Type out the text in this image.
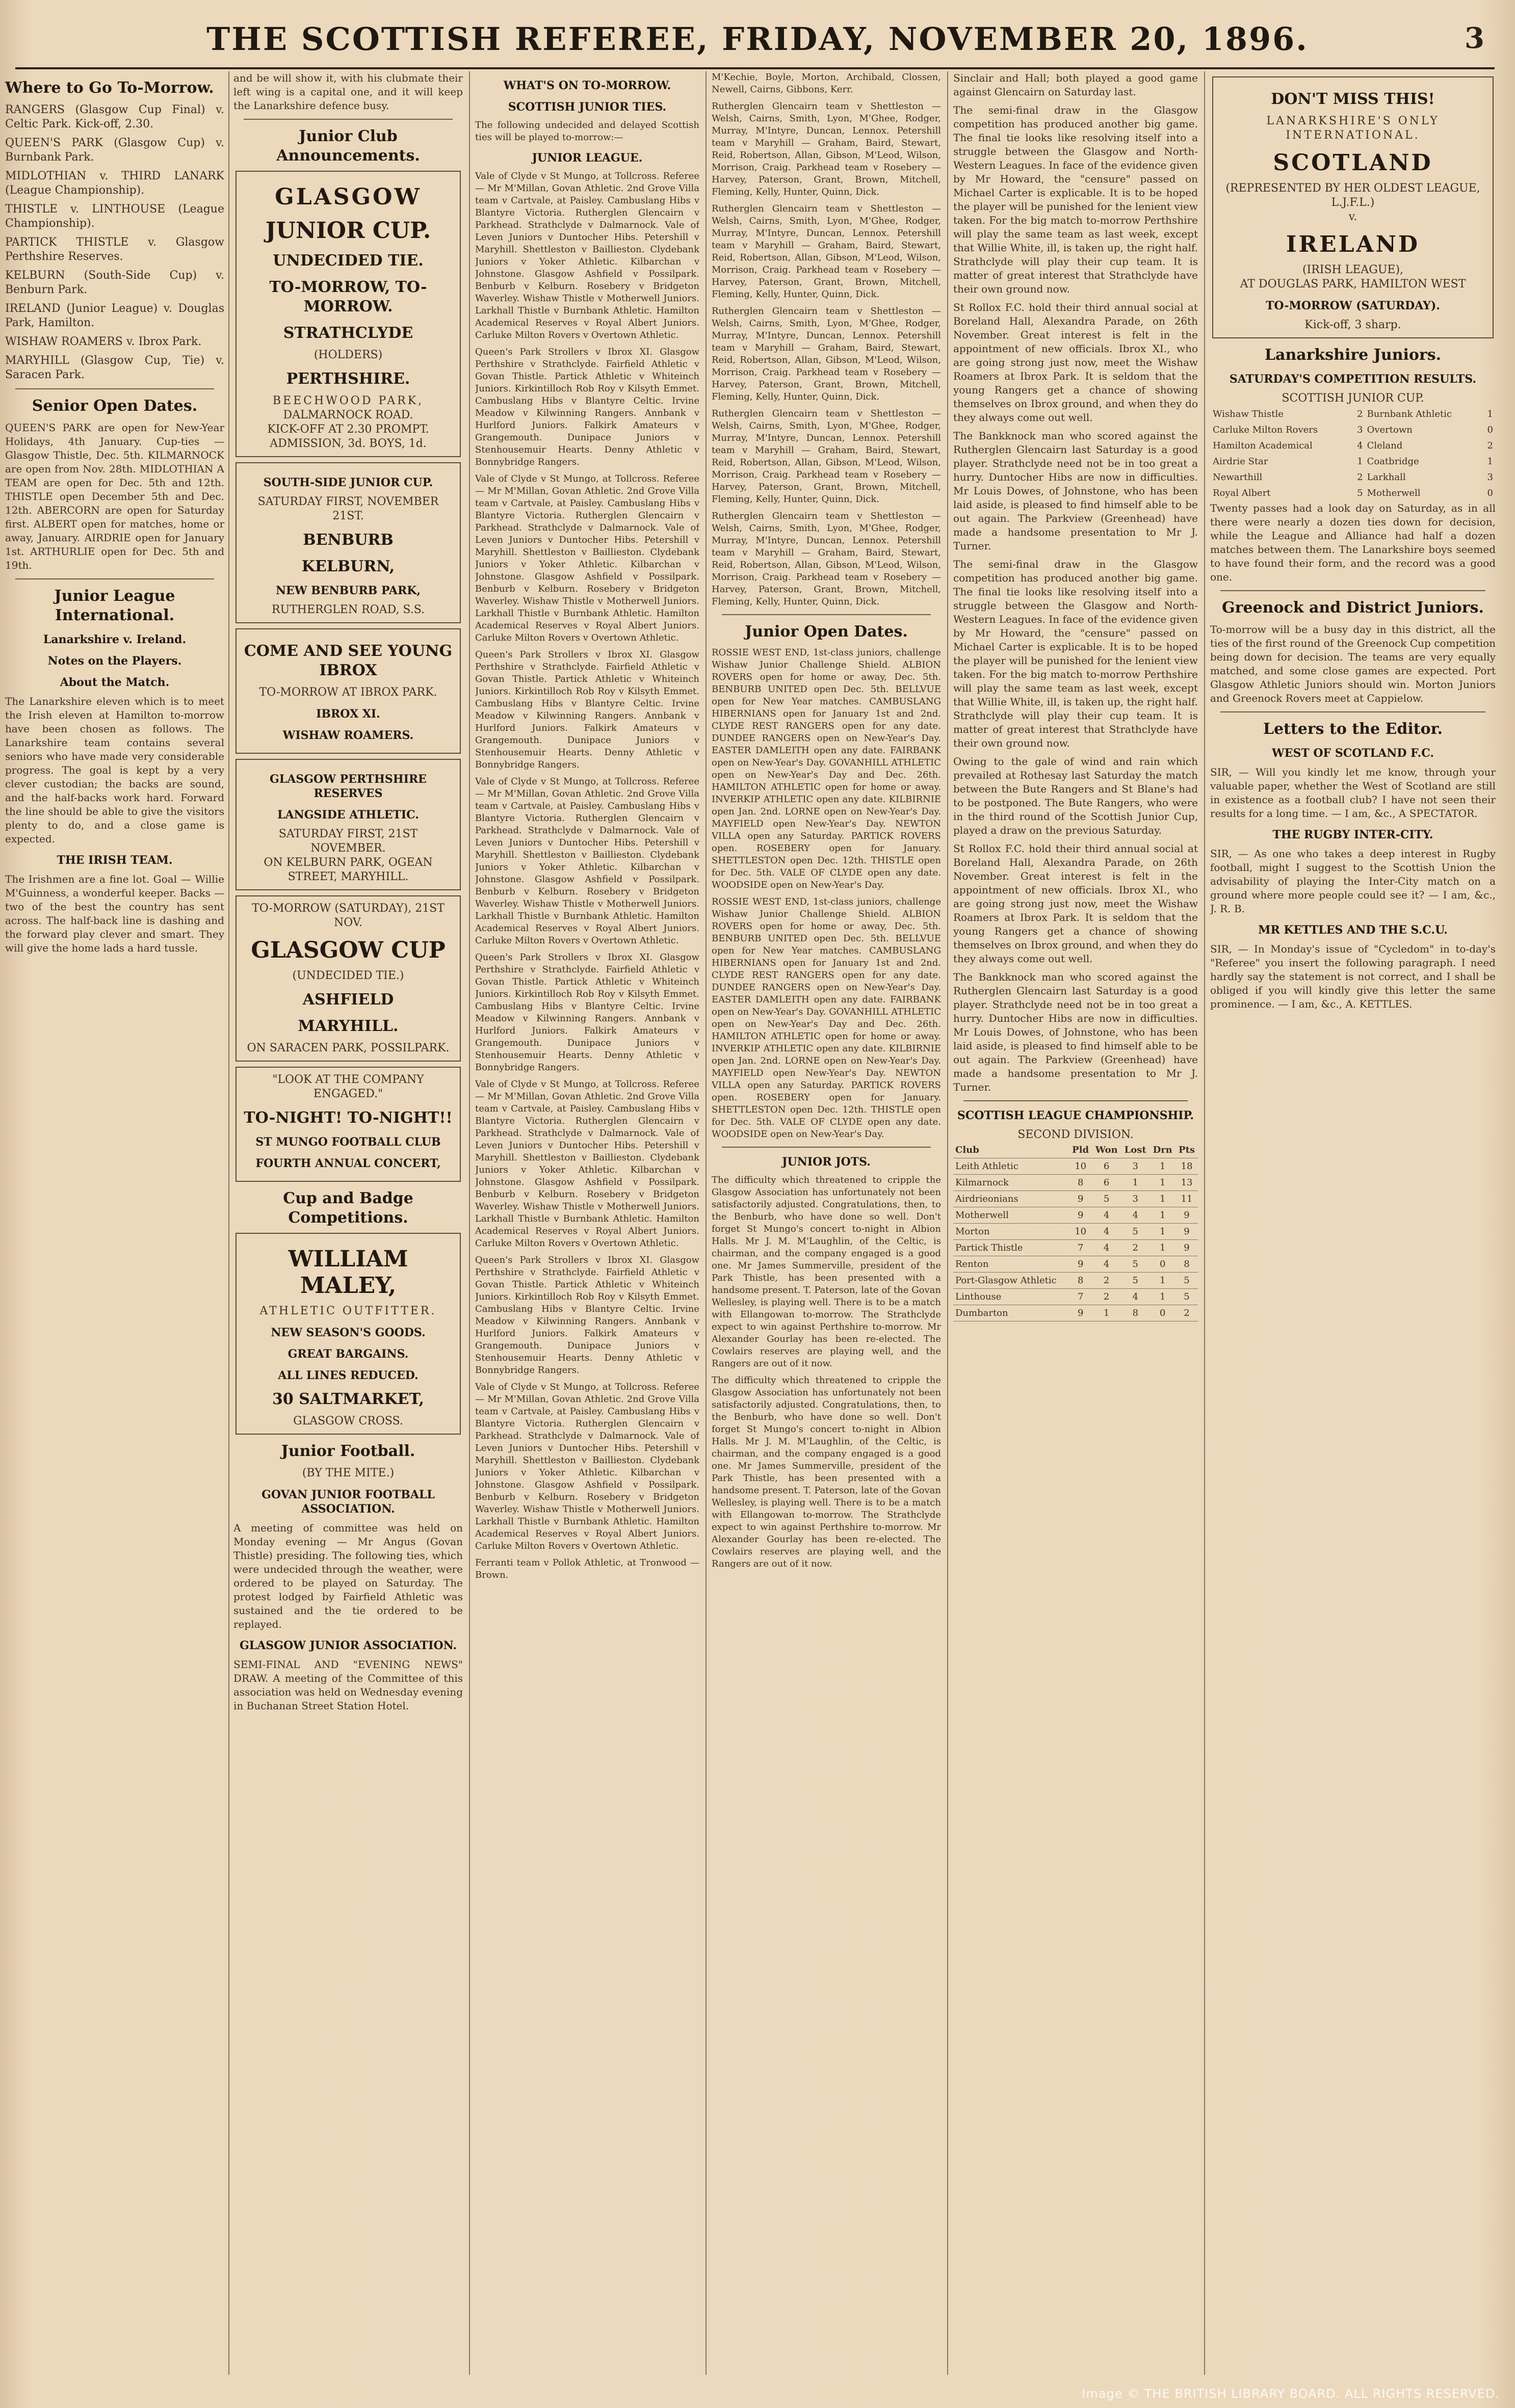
THE SCOTTISH REFEREE, FRIDAY, NOVEMBER 20, 1896.	3
Where to Go To-Morrow.

RANGERS (Glasgow Cup Final) v. Celtic Park. Kick-off, 2.30.

QUEEN'S PARK (Glasgow Cup) v. Burnbank Park.

MIDLOTHIAN v. THIRD LANARK (League Championship).

THISTLE v. LINTHOUSE (League Championship).

PARTICK THISTLE v. Glasgow Perthshire Reserves.

KELBURN (South-Side Cup) v. Benburn Park.

IRELAND (Junior League) v. Douglas Park, Hamilton.

WISHAW ROAMERS v. Ibrox Park.

MARYHILL (Glasgow Cup, Tie) v. Saracen Park.

Senior Open Dates.

QUEEN'S PARK are open for New-Year Holidays, 4th January. Cup-ties — Glasgow Thistle, Dec. 5th. KILMARNOCK are open from Nov. 28th. MIDLOTHIAN A TEAM are open for Dec. 5th and 12th. THISTLE open December 5th and Dec. 12th. ABERCORN are open for Saturday first. ALBERT open for matches, home or away, January. AIRDRIE open for January 1st. ARTHURLIE open for Dec. 5th and 19th.

Junior League International.
Lanarkshire v. Ireland.
Notes on the Players.
About the Match.

The Lanarkshire eleven which is to meet the Irish eleven at Hamilton to-morrow have been chosen as follows. The Lanarkshire team contains several seniors who have made very considerable progress. The goal is kept by a very clever custodian; the backs are sound, and the half-backs work hard. Forward the line should be able to give the visitors plenty to do, and a close game is expected.

THE IRISH TEAM.

The Irishmen are a fine lot. Goal — Willie M'Guinness, a wonderful keeper. Backs — two of the best the country has sent across. The half-back line is dashing and the forward play clever and smart. They will give the home lads a hard tussle.

and be will show it, with his clubmate their left wing is a capital one, and it will keep the Lanarkshire defence busy.

Junior Club Announcements.
GLASGOW
JUNIOR CUP.
UNDECIDED TIE.
TO-MORROW, TO-MORROW.
STRATHCLYDE
(HOLDERS)
PERTHSHIRE.
BEECHWOOD PARK,
DALMARNOCK ROAD.
KICK-OFF AT 2.30 PROMPT.
ADMISSION, 3d. BOYS, 1d.
SOUTH-SIDE JUNIOR CUP.
SATURDAY FIRST, NOVEMBER 21ST.
BENBURB
KELBURN,
NEW BENBURB PARK,
RUTHERGLEN ROAD, S.S.
COME AND SEE YOUNG IBROX
TO-MORROW AT IBROX PARK.
IBROX XI.
WISHAW ROAMERS.
GLASGOW PERTHSHIRE RESERVES
LANGSIDE ATHLETIC.
SATURDAY FIRST, 21ST NOVEMBER.
ON KELBURN PARK, OGEAN STREET, MARYHILL.
TO-MORROW (SATURDAY), 21ST NOV.
GLASGOW CUP
(UNDECIDED TIE.)
ASHFIELD
MARYHILL.
ON SARACEN PARK, POSSILPARK.
"LOOK AT THE COMPANY ENGAGED."
TO-NIGHT! TO-NIGHT!!
ST MUNGO FOOTBALL CLUB
FOURTH ANNUAL CONCERT,
Cup and Badge Competitions.
WILLIAM MALEY,
ATHLETIC OUTFITTER.
NEW SEASON'S GOODS.
GREAT BARGAINS.
ALL LINES REDUCED.
30 SALTMARKET,
GLASGOW CROSS.
Junior Football.
(BY THE MITE.)
GOVAN JUNIOR FOOTBALL ASSOCIATION.

A meeting of committee was held on Monday evening — Mr Angus (Govan Thistle) presiding. The following ties, which were undecided through the weather, were ordered to be played on Saturday. The protest lodged by Fairfield Athletic was sustained and the tie ordered to be replayed.

GLASGOW JUNIOR ASSOCIATION.

SEMI-FINAL AND "EVENING NEWS" DRAW. A meeting of the Committee of this association was held on Wednesday evening in Buchanan Street Station Hotel.

WHAT'S ON TO-MORROW.
SCOTTISH JUNIOR TIES.

The following undecided and delayed Scottish ties will be played to-morrow:—

JUNIOR LEAGUE.

Vale of Clyde v St Mungo, at Tollcross. Referee — Mr M'Millan, Govan Athletic. 2nd Grove Villa team v Cartvale, at Paisley. Cambuslang Hibs v Blantyre Victoria. Rutherglen Glencairn v Parkhead. Strathclyde v Dalmarnock. Vale of Leven Juniors v Duntocher Hibs. Petershill v Maryhill. Shettleston v Baillieston. Clydebank Juniors v Yoker Athletic. Kilbarchan v Johnstone. Glasgow Ashfield v Possilpark. Benburb v Kelburn. Rosebery v Bridgeton Waverley. Wishaw Thistle v Motherwell Juniors. Larkhall Thistle v Burnbank Athletic. Hamilton Academical Reserves v Royal Albert Juniors. Carluke Milton Rovers v Overtown Athletic.

Queen's Park Strollers v Ibrox XI. Glasgow Perthshire v Strathclyde. Fairfield Athletic v Govan Thistle. Partick Athletic v Whiteinch Juniors. Kirkintilloch Rob Roy v Kilsyth Emmet. Cambuslang Hibs v Blantyre Celtic. Irvine Meadow v Kilwinning Rangers. Annbank v Hurlford Juniors. Falkirk Amateurs v Grangemouth. Dunipace Juniors v Stenhousemuir Hearts. Denny Athletic v Bonnybridge Rangers.

Vale of Clyde v St Mungo, at Tollcross. Referee — Mr M'Millan, Govan Athletic. 2nd Grove Villa team v Cartvale, at Paisley. Cambuslang Hibs v Blantyre Victoria. Rutherglen Glencairn v Parkhead. Strathclyde v Dalmarnock. Vale of Leven Juniors v Duntocher Hibs. Petershill v Maryhill. Shettleston v Baillieston. Clydebank Juniors v Yoker Athletic. Kilbarchan v Johnstone. Glasgow Ashfield v Possilpark. Benburb v Kelburn. Rosebery v Bridgeton Waverley. Wishaw Thistle v Motherwell Juniors. Larkhall Thistle v Burnbank Athletic. Hamilton Academical Reserves v Royal Albert Juniors. Carluke Milton Rovers v Overtown Athletic.

Queen's Park Strollers v Ibrox XI. Glasgow Perthshire v Strathclyde. Fairfield Athletic v Govan Thistle. Partick Athletic v Whiteinch Juniors. Kirkintilloch Rob Roy v Kilsyth Emmet. Cambuslang Hibs v Blantyre Celtic. Irvine Meadow v Kilwinning Rangers. Annbank v Hurlford Juniors. Falkirk Amateurs v Grangemouth. Dunipace Juniors v Stenhousemuir Hearts. Denny Athletic v Bonnybridge Rangers.

Vale of Clyde v St Mungo, at Tollcross. Referee — Mr M'Millan, Govan Athletic. 2nd Grove Villa team v Cartvale, at Paisley. Cambuslang Hibs v Blantyre Victoria. Rutherglen Glencairn v Parkhead. Strathclyde v Dalmarnock. Vale of Leven Juniors v Duntocher Hibs. Petershill v Maryhill. Shettleston v Baillieston. Clydebank Juniors v Yoker Athletic. Kilbarchan v Johnstone. Glasgow Ashfield v Possilpark. Benburb v Kelburn. Rosebery v Bridgeton Waverley. Wishaw Thistle v Motherwell Juniors. Larkhall Thistle v Burnbank Athletic. Hamilton Academical Reserves v Royal Albert Juniors. Carluke Milton Rovers v Overtown Athletic.

Queen's Park Strollers v Ibrox XI. Glasgow Perthshire v Strathclyde. Fairfield Athletic v Govan Thistle. Partick Athletic v Whiteinch Juniors. Kirkintilloch Rob Roy v Kilsyth Emmet. Cambuslang Hibs v Blantyre Celtic. Irvine Meadow v Kilwinning Rangers. Annbank v Hurlford Juniors. Falkirk Amateurs v Grangemouth. Dunipace Juniors v Stenhousemuir Hearts. Denny Athletic v Bonnybridge Rangers.

Vale of Clyde v St Mungo, at Tollcross. Referee — Mr M'Millan, Govan Athletic. 2nd Grove Villa team v Cartvale, at Paisley. Cambuslang Hibs v Blantyre Victoria. Rutherglen Glencairn v Parkhead. Strathclyde v Dalmarnock. Vale of Leven Juniors v Duntocher Hibs. Petershill v Maryhill. Shettleston v Baillieston. Clydebank Juniors v Yoker Athletic. Kilbarchan v Johnstone. Glasgow Ashfield v Possilpark. Benburb v Kelburn. Rosebery v Bridgeton Waverley. Wishaw Thistle v Motherwell Juniors. Larkhall Thistle v Burnbank Athletic. Hamilton Academical Reserves v Royal Albert Juniors. Carluke Milton Rovers v Overtown Athletic.

Queen's Park Strollers v Ibrox XI. Glasgow Perthshire v Strathclyde. Fairfield Athletic v Govan Thistle. Partick Athletic v Whiteinch Juniors. Kirkintilloch Rob Roy v Kilsyth Emmet. Cambuslang Hibs v Blantyre Celtic. Irvine Meadow v Kilwinning Rangers. Annbank v Hurlford Juniors. Falkirk Amateurs v Grangemouth. Dunipace Juniors v Stenhousemuir Hearts. Denny Athletic v Bonnybridge Rangers.

Vale of Clyde v St Mungo, at Tollcross. Referee — Mr M'Millan, Govan Athletic. 2nd Grove Villa team v Cartvale, at Paisley. Cambuslang Hibs v Blantyre Victoria. Rutherglen Glencairn v Parkhead. Strathclyde v Dalmarnock. Vale of Leven Juniors v Duntocher Hibs. Petershill v Maryhill. Shettleston v Baillieston. Clydebank Juniors v Yoker Athletic. Kilbarchan v Johnstone. Glasgow Ashfield v Possilpark. Benburb v Kelburn. Rosebery v Bridgeton Waverley. Wishaw Thistle v Motherwell Juniors. Larkhall Thistle v Burnbank Athletic. Hamilton Academical Reserves v Royal Albert Juniors. Carluke Milton Rovers v Overtown Athletic.

Ferranti team v Pollok Athletic, at Tronwood — Brown.

M'Kechie, Boyle, Morton, Archibald, Clossen, Newell, Cairns, Gibbons, Kerr.

Rutherglen Glencairn team v Shettleston — Welsh, Cairns, Smith, Lyon, M'Ghee, Rodger, Murray, M'Intyre, Duncan, Lennox. Petershill team v Maryhill — Graham, Baird, Stewart, Reid, Robertson, Allan, Gibson, M'Leod, Wilson, Morrison, Craig. Parkhead team v Rosebery — Harvey, Paterson, Grant, Brown, Mitchell, Fleming, Kelly, Hunter, Quinn, Dick.

Rutherglen Glencairn team v Shettleston — Welsh, Cairns, Smith, Lyon, M'Ghee, Rodger, Murray, M'Intyre, Duncan, Lennox. Petershill team v Maryhill — Graham, Baird, Stewart, Reid, Robertson, Allan, Gibson, M'Leod, Wilson, Morrison, Craig. Parkhead team v Rosebery — Harvey, Paterson, Grant, Brown, Mitchell, Fleming, Kelly, Hunter, Quinn, Dick.

Rutherglen Glencairn team v Shettleston — Welsh, Cairns, Smith, Lyon, M'Ghee, Rodger, Murray, M'Intyre, Duncan, Lennox. Petershill team v Maryhill — Graham, Baird, Stewart, Reid, Robertson, Allan, Gibson, M'Leod, Wilson, Morrison, Craig. Parkhead team v Rosebery — Harvey, Paterson, Grant, Brown, Mitchell, Fleming, Kelly, Hunter, Quinn, Dick.

Rutherglen Glencairn team v Shettleston — Welsh, Cairns, Smith, Lyon, M'Ghee, Rodger, Murray, M'Intyre, Duncan, Lennox. Petershill team v Maryhill — Graham, Baird, Stewart, Reid, Robertson, Allan, Gibson, M'Leod, Wilson, Morrison, Craig. Parkhead team v Rosebery — Harvey, Paterson, Grant, Brown, Mitchell, Fleming, Kelly, Hunter, Quinn, Dick.

Rutherglen Glencairn team v Shettleston — Welsh, Cairns, Smith, Lyon, M'Ghee, Rodger, Murray, M'Intyre, Duncan, Lennox. Petershill team v Maryhill — Graham, Baird, Stewart, Reid, Robertson, Allan, Gibson, M'Leod, Wilson, Morrison, Craig. Parkhead team v Rosebery — Harvey, Paterson, Grant, Brown, Mitchell, Fleming, Kelly, Hunter, Quinn, Dick.

Junior Open Dates.

ROSSIE WEST END, 1st-class juniors, challenge Wishaw Junior Challenge Shield. ALBION ROVERS open for home or away, Dec. 5th. BENBURB UNITED open Dec. 5th. BELLVUE open for New Year matches. CAMBUSLANG HIBERNIANS open for January 1st and 2nd. CLYDE REST RANGERS open for any date. DUNDEE RANGERS open on New-Year's Day. EASTER DAMLEITH open any date. FAIRBANK open on New-Year's Day. GOVANHILL ATHLETIC open on New-Year's Day and Dec. 26th. HAMILTON ATHLETIC open for home or away. INVERKIP ATHLETIC open any date. KILBIRNIE open Jan. 2nd. LORNE open on New-Year's Day. MAYFIELD open New-Year's Day. NEWTON VILLA open any Saturday. PARTICK ROVERS open. ROSEBERY open for January. SHETTLESTON open Dec. 12th. THISTLE open for Dec. 5th. VALE OF CLYDE open any date. WOODSIDE open on New-Year's Day.

ROSSIE WEST END, 1st-class juniors, challenge Wishaw Junior Challenge Shield. ALBION ROVERS open for home or away, Dec. 5th. BENBURB UNITED open Dec. 5th. BELLVUE open for New Year matches. CAMBUSLANG HIBERNIANS open for January 1st and 2nd. CLYDE REST RANGERS open for any date. DUNDEE RANGERS open on New-Year's Day. EASTER DAMLEITH open any date. FAIRBANK open on New-Year's Day. GOVANHILL ATHLETIC open on New-Year's Day and Dec. 26th. HAMILTON ATHLETIC open for home or away. INVERKIP ATHLETIC open any date. KILBIRNIE open Jan. 2nd. LORNE open on New-Year's Day. MAYFIELD open New-Year's Day. NEWTON VILLA open any Saturday. PARTICK ROVERS open. ROSEBERY open for January. SHETTLESTON open Dec. 12th. THISTLE open for Dec. 5th. VALE OF CLYDE open any date. WOODSIDE open on New-Year's Day.

JUNIOR JOTS.

The difficulty which threatened to cripple the Glasgow Association has unfortunately not been satisfactorily adjusted. Congratulations, then, to the Benburb, who have done so well. Don't forget St Mungo's concert to-night in Albion Halls. Mr J. M. M'Laughlin, of the Celtic, is chairman, and the company engaged is a good one. Mr James Summerville, president of the Park Thistle, has been presented with a handsome present. T. Paterson, late of the Govan Wellesley, is playing well. There is to be a match with Ellangowan to-morrow. The Strathclyde expect to win against Perthshire to-morrow. Mr Alexander Gourlay has been re-elected. The Cowlairs reserves are playing well, and the Rangers are out of it now.

The difficulty which threatened to cripple the Glasgow Association has unfortunately not been satisfactorily adjusted. Congratulations, then, to the Benburb, who have done so well. Don't forget St Mungo's concert to-night in Albion Halls. Mr J. M. M'Laughlin, of the Celtic, is chairman, and the company engaged is a good one. Mr James Summerville, president of the Park Thistle, has been presented with a handsome present. T. Paterson, late of the Govan Wellesley, is playing well. There is to be a match with Ellangowan to-morrow. The Strathclyde expect to win against Perthshire to-morrow. Mr Alexander Gourlay has been re-elected. The Cowlairs reserves are playing well, and the Rangers are out of it now.

Sinclair and Hall; both played a good game against Glencairn on Saturday last.

The semi-final draw in the Glasgow competition has produced another big game. The final tie looks like resolving itself into a struggle between the Glasgow and North-Western Leagues. In face of the evidence given by Mr Howard, the "censure" passed on Michael Carter is explicable. It is to be hoped the player will be punished for the lenient view taken. For the big match to-morrow Perthshire will play the same team as last week, except that Willie White, ill, is taken up, the right half. Strathclyde will play their cup team. It is matter of great interest that Strathclyde have their own ground now.

St Rollox F.C. hold their third annual social at Boreland Hall, Alexandra Parade, on 26th November. Great interest is felt in the appointment of new officials. Ibrox XI., who are going strong just now, meet the Wishaw Roamers at Ibrox Park. It is seldom that the young Rangers get a chance of showing themselves on Ibrox ground, and when they do they always come out well.

The Bankknock man who scored against the Rutherglen Glencairn last Saturday is a good player. Strathclyde need not be in too great a hurry. Duntocher Hibs are now in difficulties. Mr Louis Dowes, of Johnstone, who has been laid aside, is pleased to find himself able to be out again. The Parkview (Greenhead) have made a handsome presentation to Mr J. Turner.

The semi-final draw in the Glasgow competition has produced another big game. The final tie looks like resolving itself into a struggle between the Glasgow and North-Western Leagues. In face of the evidence given by Mr Howard, the "censure" passed on Michael Carter is explicable. It is to be hoped the player will be punished for the lenient view taken. For the big match to-morrow Perthshire will play the same team as last week, except that Willie White, ill, is taken up, the right half. Strathclyde will play their cup team. It is matter of great interest that Strathclyde have their own ground now.

Owing to the gale of wind and rain which prevailed at Rothesay last Saturday the match between the Bute Rangers and St Blane's had to be postponed. The Bute Rangers, who were in the third round of the Scottish Junior Cup, played a draw on the previous Saturday.

St Rollox F.C. hold their third annual social at Boreland Hall, Alexandra Parade, on 26th November. Great interest is felt in the appointment of new officials. Ibrox XI., who are going strong just now, meet the Wishaw Roamers at Ibrox Park. It is seldom that the young Rangers get a chance of showing themselves on Ibrox ground, and when they do they always come out well.

The Bankknock man who scored against the Rutherglen Glencairn last Saturday is a good player. Strathclyde need not be in too great a hurry. Duntocher Hibs are now in difficulties. Mr Louis Dowes, of Johnstone, who has been laid aside, is pleased to find himself able to be out again. The Parkview (Greenhead) have made a handsome presentation to Mr J. Turner.

SCOTTISH LEAGUE CHAMPIONSHIP.
SECOND DIVISION.
Club	Pld	Won	Lost	Drn	Pts
Leith Athletic	10	6	3	1	18
Kilmarnock	8	6	1	1	13
Airdrieonians	9	5	3	1	11
Motherwell	9	4	4	1	9
Morton	10	4	5	1	9
Partick Thistle	7	4	2	1	9
Renton	9	4	5	0	8
Port-Glasgow Athletic	8	2	5	1	5
Linthouse	7	2	4	1	5
Dumbarton	9	1	8	0	2
DON'T MISS THIS!
LANARKSHIRE'S ONLY INTERNATIONAL.
SCOTLAND
(REPRESENTED BY HER OLDEST LEAGUE, L.J.F.L.)
v.
IRELAND
(IRISH LEAGUE),
AT DOUGLAS PARK, HAMILTON WEST
TO-MORROW (SATURDAY).
Kick-off, 3 sharp.
Lanarkshire Juniors.
SATURDAY'S COMPETITION RESULTS.
SCOTTISH JUNIOR CUP.
Wishaw Thistle	2	Burnbank Athletic	1
Carluke Milton Rovers	3	Overtown	0
Hamilton Academical	4	Cleland	2
Airdrie Star	1	Coatbridge	1
Newarthill	2	Larkhall	3
Royal Albert	5	Motherwell	0

Twenty passes had a look day on Saturday, as in all there were nearly a dozen ties down for decision, while the League and Alliance had half a dozen matches between them. The Lanarkshire boys seemed to have found their form, and the record was a good one.

Greenock and District Juniors.

To-morrow will be a busy day in this district, all the ties of the first round of the Greenock Cup competition being down for decision. The teams are very equally matched, and some close games are expected. Port Glasgow Athletic Juniors should win. Morton Juniors and Greenock Rovers meet at Cappielow.

Letters to the Editor.
WEST OF SCOTLAND F.C.

SIR, — Will you kindly let me know, through your valuable paper, whether the West of Scotland are still in existence as a football club? I have not seen their results for a long time. — I am, &c., A SPECTATOR.

THE RUGBY INTER-CITY.

SIR, — As one who takes a deep interest in Rugby football, might I suggest to the Scottish Union the advisability of playing the Inter-City match on a ground where more people could see it? — I am, &c., J. R. B.

MR KETTLES AND THE S.C.U.

SIR, — In Monday's issue of "Cycledom" in to-day's "Referee" you insert the following paragraph. I need hardly say the statement is not correct, and I shall be obliged if you will kindly give this letter the same prominence. — I am, &c., A. KETTLES.

Image © THE BRITISH LIBRARY BOARD. ALL RIGHTS RESERVED.
